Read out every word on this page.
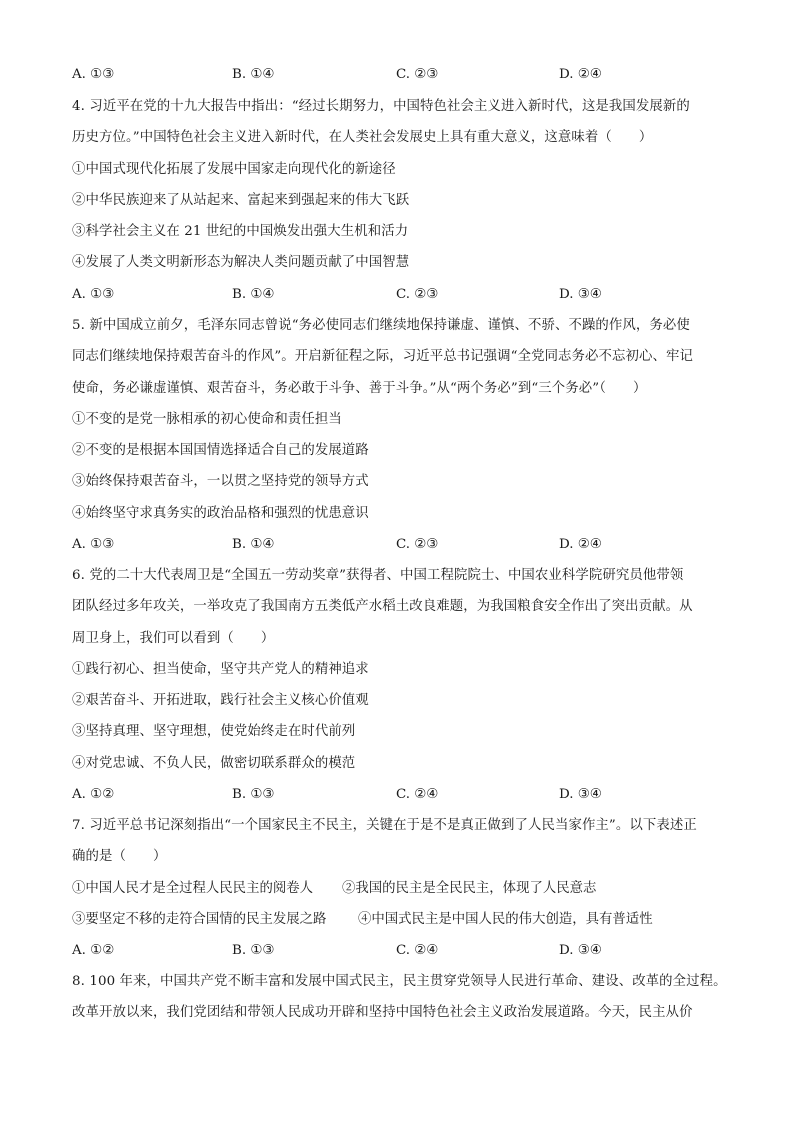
A. ①③	B. ①④	C. ②③	D. ②④
4. 习近平在党的十九大报告中指出：“经过长期努力，中国特色社会主义进入新时代，这是我国发展新的
历史方位。”中国特色社会主义进入新时代，在人类社会发展史上具有重大意义，这意味着（　　）
①中国式现代化拓展了发展中国家走向现代化的新途径
②中华民族迎来了从站起来、富起来到强起来的伟大飞跃
③科学社会主义在 21 世纪的中国焕发出强大生机和活力
④发展了人类文明新形态为解决人类问题贡献了中国智慧
A. ①③	B. ①④	C. ②③	D. ③④
5. 新中国成立前夕，毛泽东同志曾说“务必使同志们继续地保持谦虚、谨慎、不骄、不躁的作风，务必使
同志们继续地保持艰苦奋斗的作风”。开启新征程之际，习近平总书记强调“全党同志务必不忘初心、牢记
使命，务必谦虚谨慎、艰苦奋斗，务必敢于斗争、善于斗争。”从“两个务必”到“三个务必”（　　）
①不变的是党一脉相承的初心使命和责任担当
②不变的是根据本国国情选择适合自己的发展道路
③始终保持艰苦奋斗，一以贯之坚持党的领导方式
④始终坚守求真务实的政治品格和强烈的忧患意识
A. ①③	B. ①④	C. ②③	D. ②④
6. 党的二十大代表周卫是“全国五一劳动奖章”获得者、中国工程院院士、中国农业科学院研究员他带领
团队经过多年攻关，一举攻克了我国南方五类低产水稻土改良难题，为我国粮食安全作出了突出贡献。从
周卫身上，我们可以看到（　　）
①践行初心、担当使命，坚守共产党人的精神追求
②艰苦奋斗、开拓进取，践行社会主义核心价值观
③坚持真理、坚守理想，使党始终走在时代前列
④对党忠诚、不负人民，做密切联系群众的模范
A. ①②	B. ①③	C. ②④	D. ③④
7. 习近平总书记深刻指出“一个国家民主不民主，关键在于是不是真正做到了人民当家作主”。以下表述正
确的是（　　）
①中国人民才是全过程人民民主的阅卷人 ②我国的民主是全民民主，体现了人民意志
③要坚定不移的走符合国情的民主发展之路 ④中国式民主是中国人民的伟大创造，具有普适性
A. ①②	B. ①③	C. ②④	D. ③④
8. 100 年来，中国共产党不断丰富和发展中国式民主，民主贯穿党领导人民进行革命、建设、改革的全过程。
改革开放以来，我们党团结和带领人民成功开辟和坚持中国特色社会主义政治发展道路。今天，民主从价
